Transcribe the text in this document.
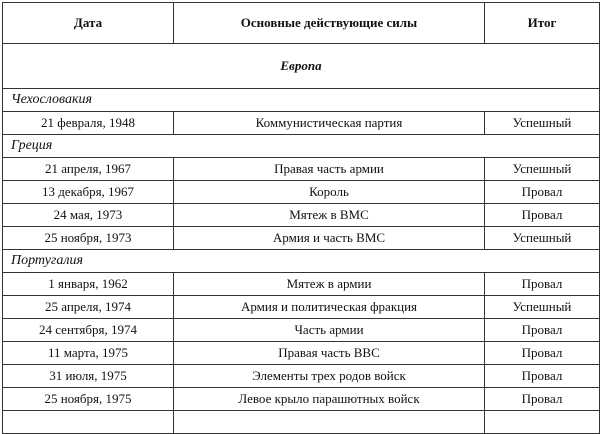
Дата	Основные действующие силы	Итог
Европа		
Чехословакия		
21 февраля, 1948	Коммунистическая партия	Успешный
Греция		
21 апреля, 1967	Правая часть армии	Успешный
13 декабря, 1967	Король	Провал
24 мая, 1973	Мятеж в ВМС	Провал
25 ноября, 1973	Армия и часть ВМС	Успешный
Португалия		
1 января, 1962	Мятеж в армии	Провал
25 апреля, 1974	Армия и политическая фракция	Успешный
24 сентября, 1974	Часть армии	Провал
11 марта, 1975	Правая часть ВВС	Провал
31 июля, 1975	Элементы трех родов войск	Провал
25 ноября, 1975	Левое крыло парашютных войск	Провал
